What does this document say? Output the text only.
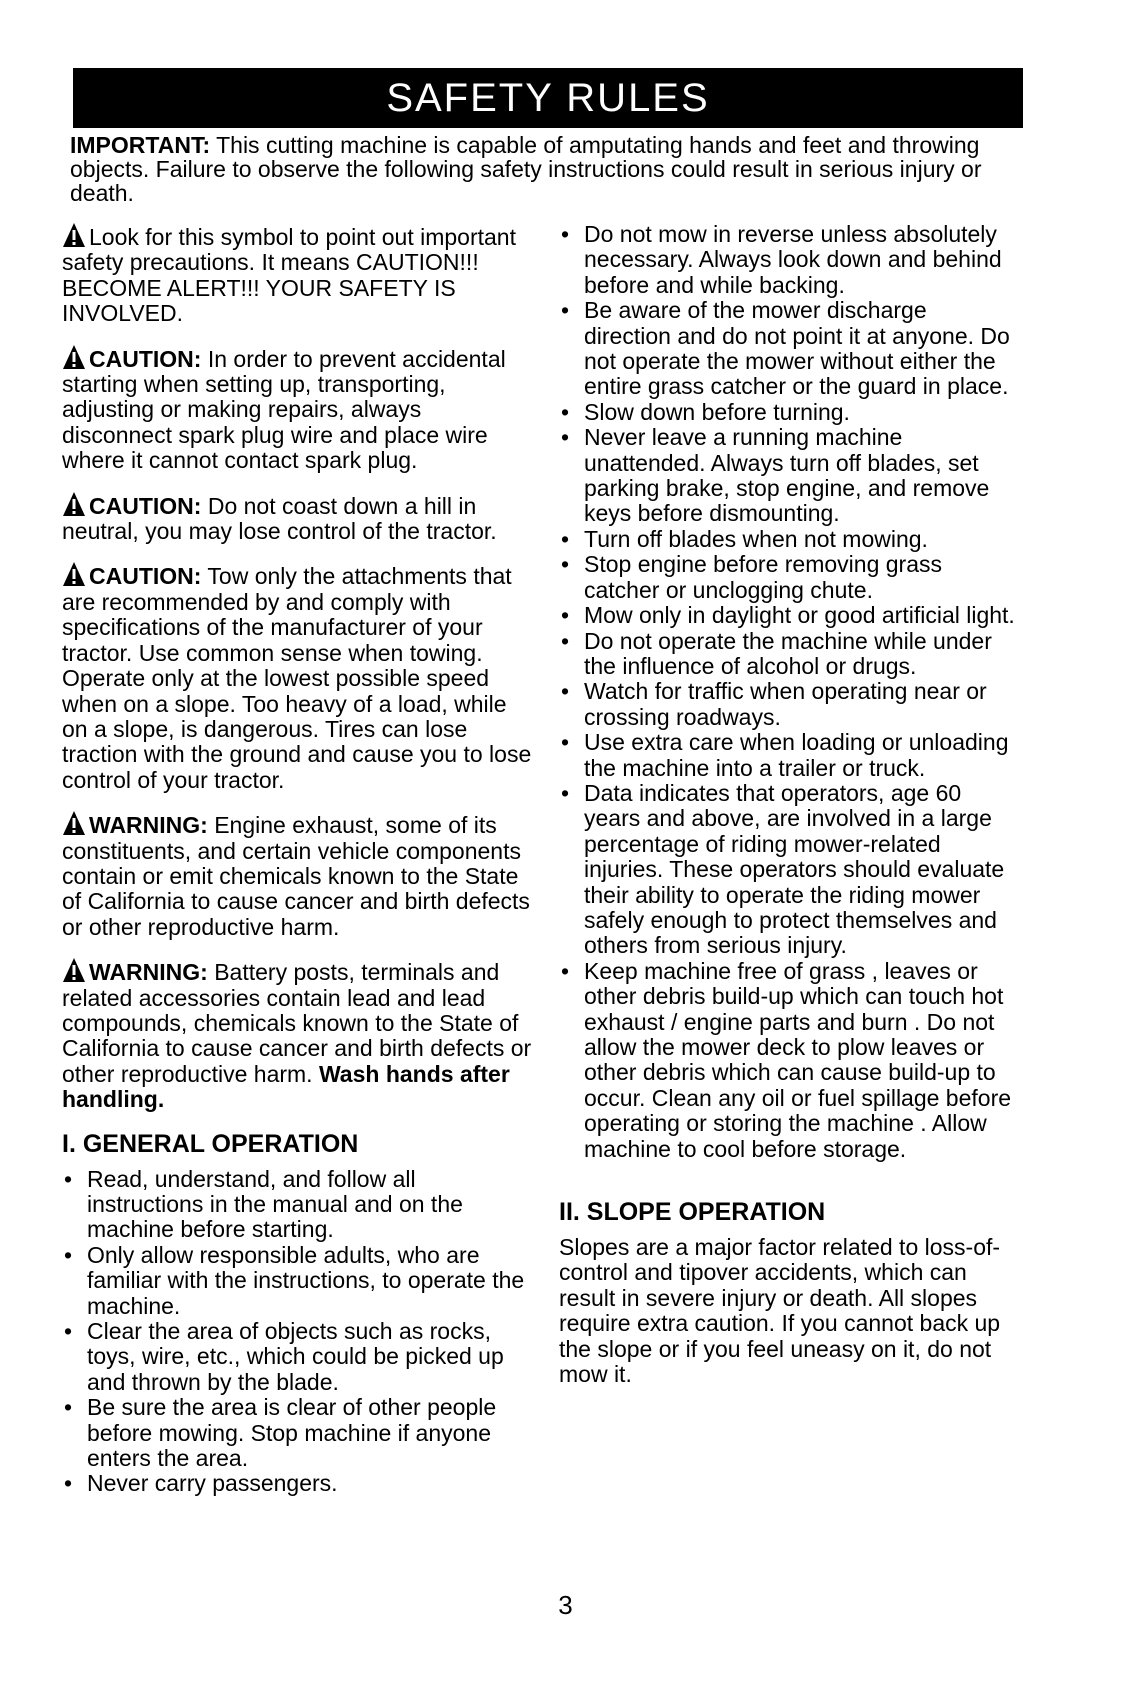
SAFETY RULES
IMPORTANT: This cutting machine is capable of amputating hands and feet and throwing objects. Failure to observe the following safety instructions could result in serious injury or death.
Look for this symbol to point out important safety precautions. It means CAUTION!!! BECOME ALERT!!! YOUR SAFETY IS INVOLVED.
CAUTION: In order to prevent accidental starting when setting up, transporting, adjusting or making repairs, always disconnect spark plug wire and place wire where it cannot contact spark plug.
CAUTION: Do not coast down a hill in neutral, you may lose control of the tractor.
CAUTION: Tow only the attachments that are recommended by and comply with specifications of the manufacturer of your tractor. Use common sense when towing. Operate only at the lowest possible speed when on a slope. Too heavy of a load, while on a slope, is dangerous. Tires can lose traction with the ground and cause you to lose control of your tractor.
WARNING: Engine exhaust, some of its constituents, and certain vehicle components contain or emit chemicals known to the State of California to cause cancer and birth defects or other reproductive harm.
WARNING: Battery posts, terminals and related accessories contain lead and lead compounds, chemicals known to the State of California to cause cancer and birth defects or other reproductive harm. Wash hands after handling.
I. GENERAL OPERATION
• Read, understand, and follow all instructions in the manual and on the machine before starting.
• Only allow responsible adults, who are familiar with the instructions, to operate the machine.
• Clear the area of objects such as rocks, toys, wire, etc., which could be picked up and thrown by the blade.
• Be sure the area is clear of other people before mowing. Stop machine if anyone enters the area.
• Never carry passengers.
• Do not mow in reverse unless absolutely necessary. Always look down and behind before and while backing.
• Be aware of the mower discharge direction and do not point it at anyone. Do not operate the mower without either the entire grass catcher or the guard in place.
• Slow down before turning.
• Never leave a running machine unattended. Always turn off blades, set parking brake, stop engine, and remove keys before dismounting.
• Turn off blades when not mowing.
• Stop engine before removing grass catcher or unclogging chute.
• Mow only in daylight or good artificial light.
• Do not operate the machine while under the influence of alcohol or drugs.
• Watch for traffic when operating near or crossing roadways.
• Use extra care when loading or unloading the machine into a trailer or truck.
• Data indicates that operators, age 60 years and above, are involved in a large percentage of riding mower-related injuries. These operators should evaluate their ability to operate the riding mower safely enough to protect themselves and others from serious injury.
• Keep machine free of grass , leaves or other debris build-up which can touch hot exhaust / engine parts and burn . Do not allow the mower deck to plow leaves or other debris which can cause build-up to occur. Clean any oil or fuel spillage before operating or storing the machine . Allow machine to cool before storage.
II. SLOPE OPERATION
Slopes are a major factor related to loss-of-control and tipover accidents, which can result in severe injury or death. All slopes require extra caution. If you cannot back up the slope or if you feel uneasy on it, do not mow it.
3
